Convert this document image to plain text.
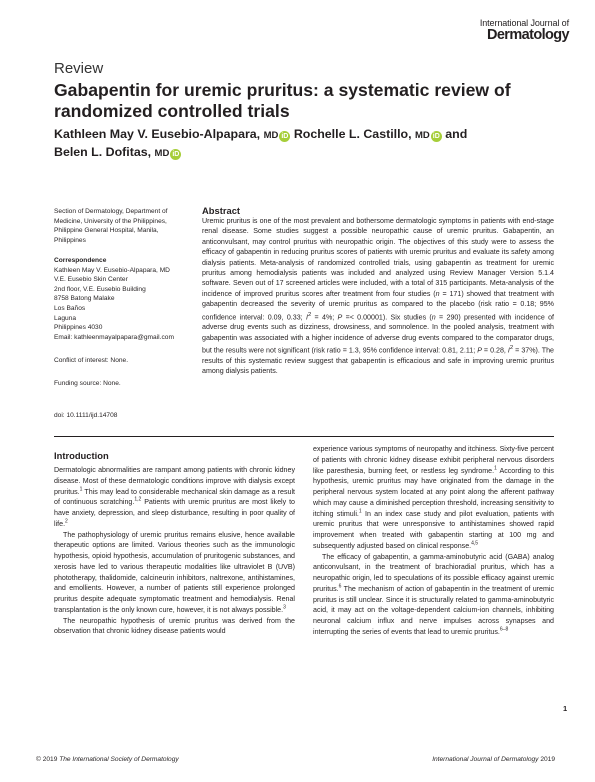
International Journal of
Dermatology
Review
Gabapentin for uremic pruritus: a systematic review of randomized controlled trials
Kathleen May V. Eusebio-Alpapara, MD iD Rochelle L. Castillo, MD iD and
Belen L. Dofitas, MD iD
Section of Dermatology, Department of
Medicine, University of the Philippines,
Philippine General Hospital, Manila,
Philippines
Correspondence
Kathleen May V. Eusebio-Alpapara, MD
V.E. Eusebio Skin Center
2nd floor, V.E. Eusebio Building
8758 Batong Malake
Los Baños
Laguna
Philippines 4030
Email: kathleenmayalpapara@gmail.com
Conflict of interest: None.
Funding source: None.
doi: 10.1111/ijd.14708
Abstract
Uremic pruritus is one of the most prevalent and bothersome dermatologic symptoms in patients with end-stage renal disease. Some studies suggest a possible neuropathic cause of uremic pruritus. Gabapentin, an anticonvulsant, may control pruritus with neuropathic origin. The objectives of this study were to assess the efficacy of gabapentin in reducing pruritus scores of patients with uremic pruritus and evaluate its safety among dialysis patients. Meta-analysis of randomized controlled trials, using gabapentin as treatment for uremic pruritus among hemodialysis patients was included and analyzed using Review Manager Version 5.1.4 software. Seven out of 17 screened articles were included, with a total of 315 participants. Meta-analysis of the incidence of improved pruritus scores after treatment from four studies (n = 171) showed that treatment with gabapentin decreased the severity of uremic pruritus as compared to the placebo (risk ratio = 0.18; 95% confidence interval: 0.09, 0.33; $I^2 = 4\%$; P =< 0.00001). Six studies (n = 290) presented with incidence of adverse drug events such as dizziness, drowsiness, and somnolence. In the pooled analysis, treatment with gabapentin was associated with a higher incidence of adverse drug events compared to the comparator drugs, but the results were not significant (risk ratio = 1.3, 95% confidence interval: 0.81, 2.11; P = 0.28, $I^2 = 37\%$). The results of this systematic review suggest that gabapentin is efficacious and safe in improving uremic pruritus among dialysis patients.
Introduction

Dermatologic abnormalities are rampant among patients with chronic kidney disease. Most of these dermatologic conditions improve with dialysis except pruritus.$^1$ This may lead to considerable mechanical skin damage as a result of continuous scratching.$^{1,2}$ Patients with uremic pruritus are most likely to have anxiety, depression, and sleep disturbance, resulting in poor quality of life.$^2$

The pathophysiology of uremic pruritus remains elusive, hence available therapeutic options are limited. Various theories such as the immunologic hypothesis, opioid hypothesis, accumulation of pruritogenic substances, and xerosis have led to various therapeutic modalities like ultraviolet B (UVB) phototherapy, thalidomide, calcineurin inhibitors, naltrexone, antihistamines, and emollients. However, a number of patients still experience prolonged pruritus despite adequate symptomatic treatment and hemodialysis. Renal transplantation is the only known cure, however, it is not always possible.$^3$

The neuropathic hypothesis of uremic pruritus was derived from the observation that chronic kidney disease patients would

experience various symptoms of neuropathy and itchiness. Sixty-five percent of patients with chronic kidney disease exhibit peripheral nervous disorders like paresthesia, burning feet, or restless leg syndrome.$^1$ According to this hypothesis, uremic pruritus may have originated from the damage in the peripheral nervous system located at any point along the afferent pathway which may cause a diminished perception threshold, increasing sensitivity to itching stimuli.$^1$ In an index case study and pilot evaluation, patients with uremic pruritus that were unresponsive to antihistamines showed rapid improvement when treated with gabapentin starting at 100 mg and subsequently adjusted based on clinical response.$^{4,5}$

The efficacy of gabapentin, a gamma-aminobutyric acid (GABA) analog anticonvulsant, in the treatment of brachioradial pruritus, which has a neuropathic origin, led to speculations of its possible efficacy against uremic pruritus.$^6$ The mechanism of action of gabapentin in the treatment of uremic pruritus is still unclear. Since it is structurally related to gamma-aminobutyric acid, it may act on the voltage-dependent calcium-ion channels, inhibiting neuronal calcium influx and nerve impulses across synapses and interrupting the series of events that lead to uremic pruritus.$^{6-8}$

1
© 2019 The International Society of Dermatology	International Journal of Dermatology 2019
